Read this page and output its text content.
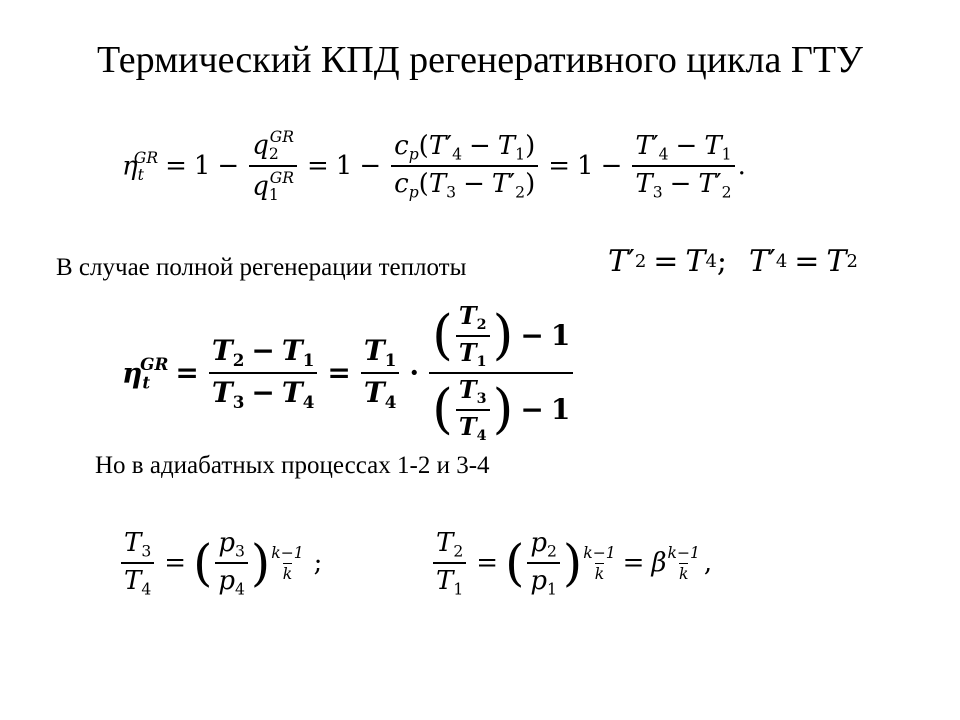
Термический КПД регенеративного цикла ГТУ
$\eta_t^{GR} = 1 - \frac{q_2^{GR}}{q_1^{GR}} = 1 - \frac{c_p(T'_4 - T_1)}{c_p(T_3 - T'_2)} = 1 - \frac{T'_4 - T_1}{T_3 - T'_2}$ .
В случае полной регенерации теплоты	T ′ 2 = T 4 ; T ′ 4 = T 2
$\eta_t^{GR} = \frac{T_2 - T_1}{T_3 - T_4} = \frac{T_1}{T_4}$ ·
( $\frac{T_2}{T_1}$ ) − 1
( $\frac{T_3}{T_4}$ ) − 1
Но в адиабатных процессах 1-2 и 3-4
$\frac{T_3}{T_4}$ = ( $\frac{p_3}{p_4}$ ) $\frac{k-1}{k}$ ;	$\frac{T_2}{T_1}$ = ( $\frac{p_2}{p_1}$ ) $\frac{k-1}{k} = \beta \frac{k-1}{k}$ ,
